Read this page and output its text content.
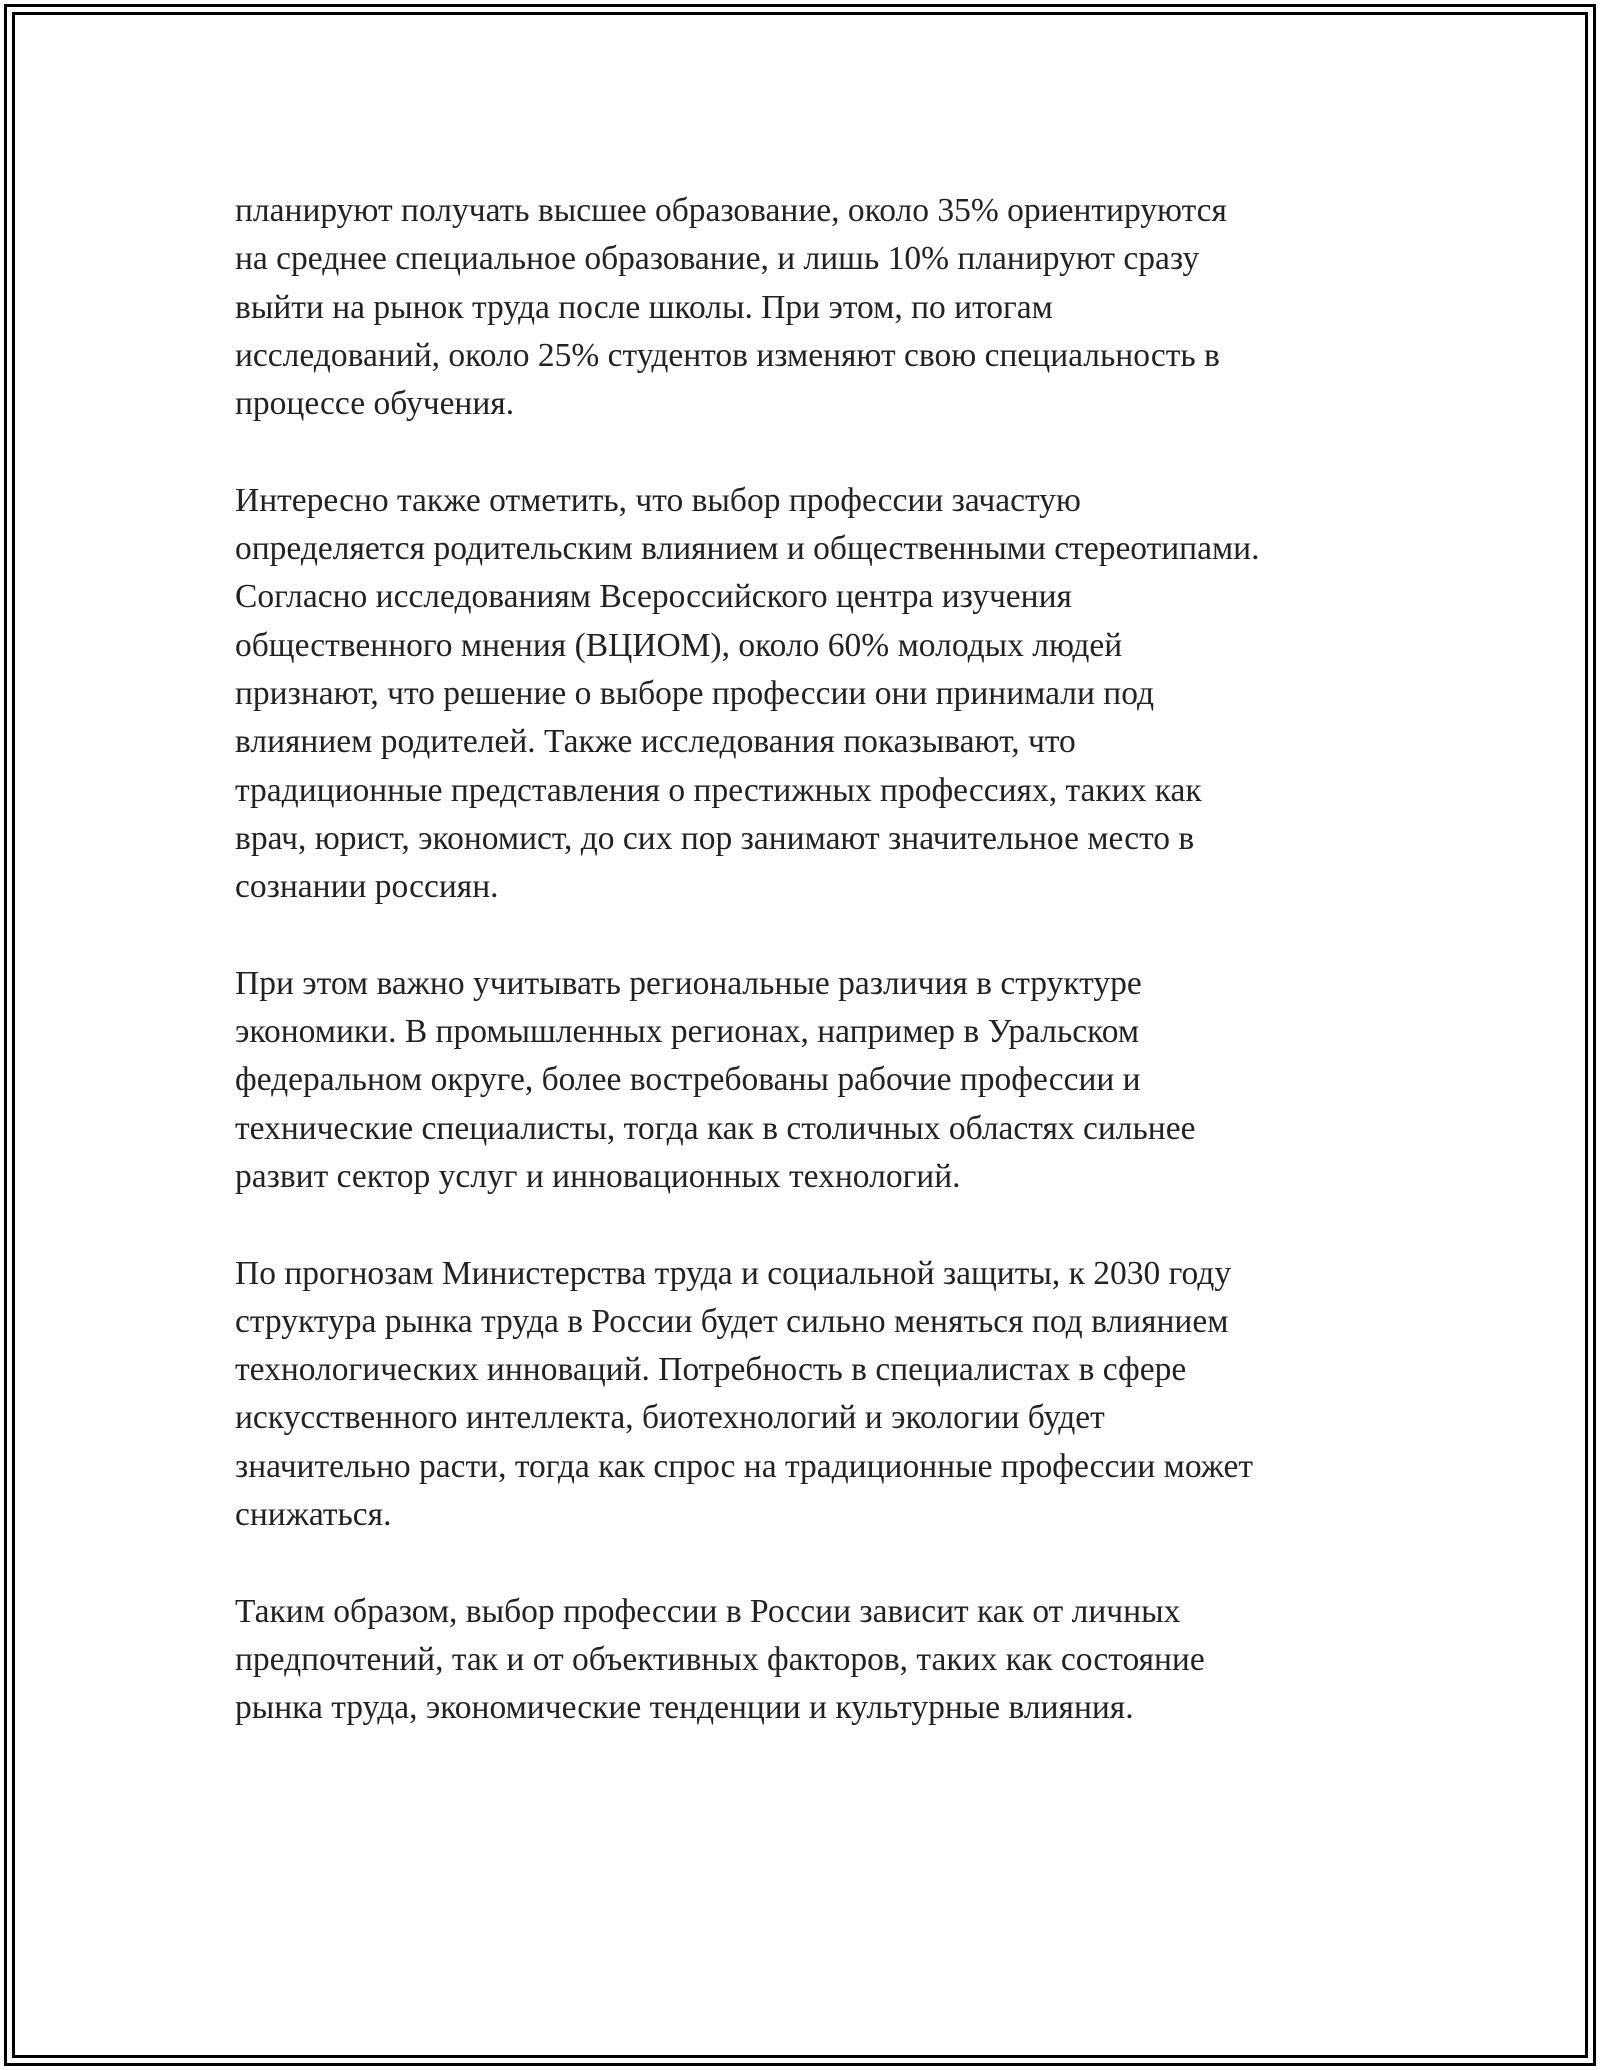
планируют получать высшее образование, около 35% ориентируются
на среднее специальное образование, и лишь 10% планируют сразу
выйти на рынок труда после школы. При этом, по итогам
исследований, около 25% студентов изменяют свою специальность в
процессе обучения.

Интересно также отметить, что выбор профессии зачастую
определяется родительским влиянием и общественными стереотипами.
Согласно исследованиям Всероссийского центра изучения
общественного мнения (ВЦИОМ), около 60% молодых людей
признают, что решение о выборе профессии они принимали под
влиянием родителей. Также исследования показывают, что
традиционные представления о престижных профессиях, таких как
врач, юрист, экономист, до сих пор занимают значительное место в
сознании россиян.

При этом важно учитывать региональные различия в структуре
экономики. В промышленных регионах, например в Уральском
федеральном округе, более востребованы рабочие профессии и
технические специалисты, тогда как в столичных областях сильнее
развит сектор услуг и инновационных технологий.

По прогнозам Министерства труда и социальной защиты, к 2030 году
структура рынка труда в России будет сильно меняться под влиянием
технологических инноваций. Потребность в специалистах в сфере
искусственного интеллекта, биотехнологий и экологии будет
значительно расти, тогда как спрос на традиционные профессии может
снижаться.

Таким образом, выбор профессии в России зависит как от личных
предпочтений, так и от объективных факторов, таких как состояние
рынка труда, экономические тенденции и культурные влияния.
